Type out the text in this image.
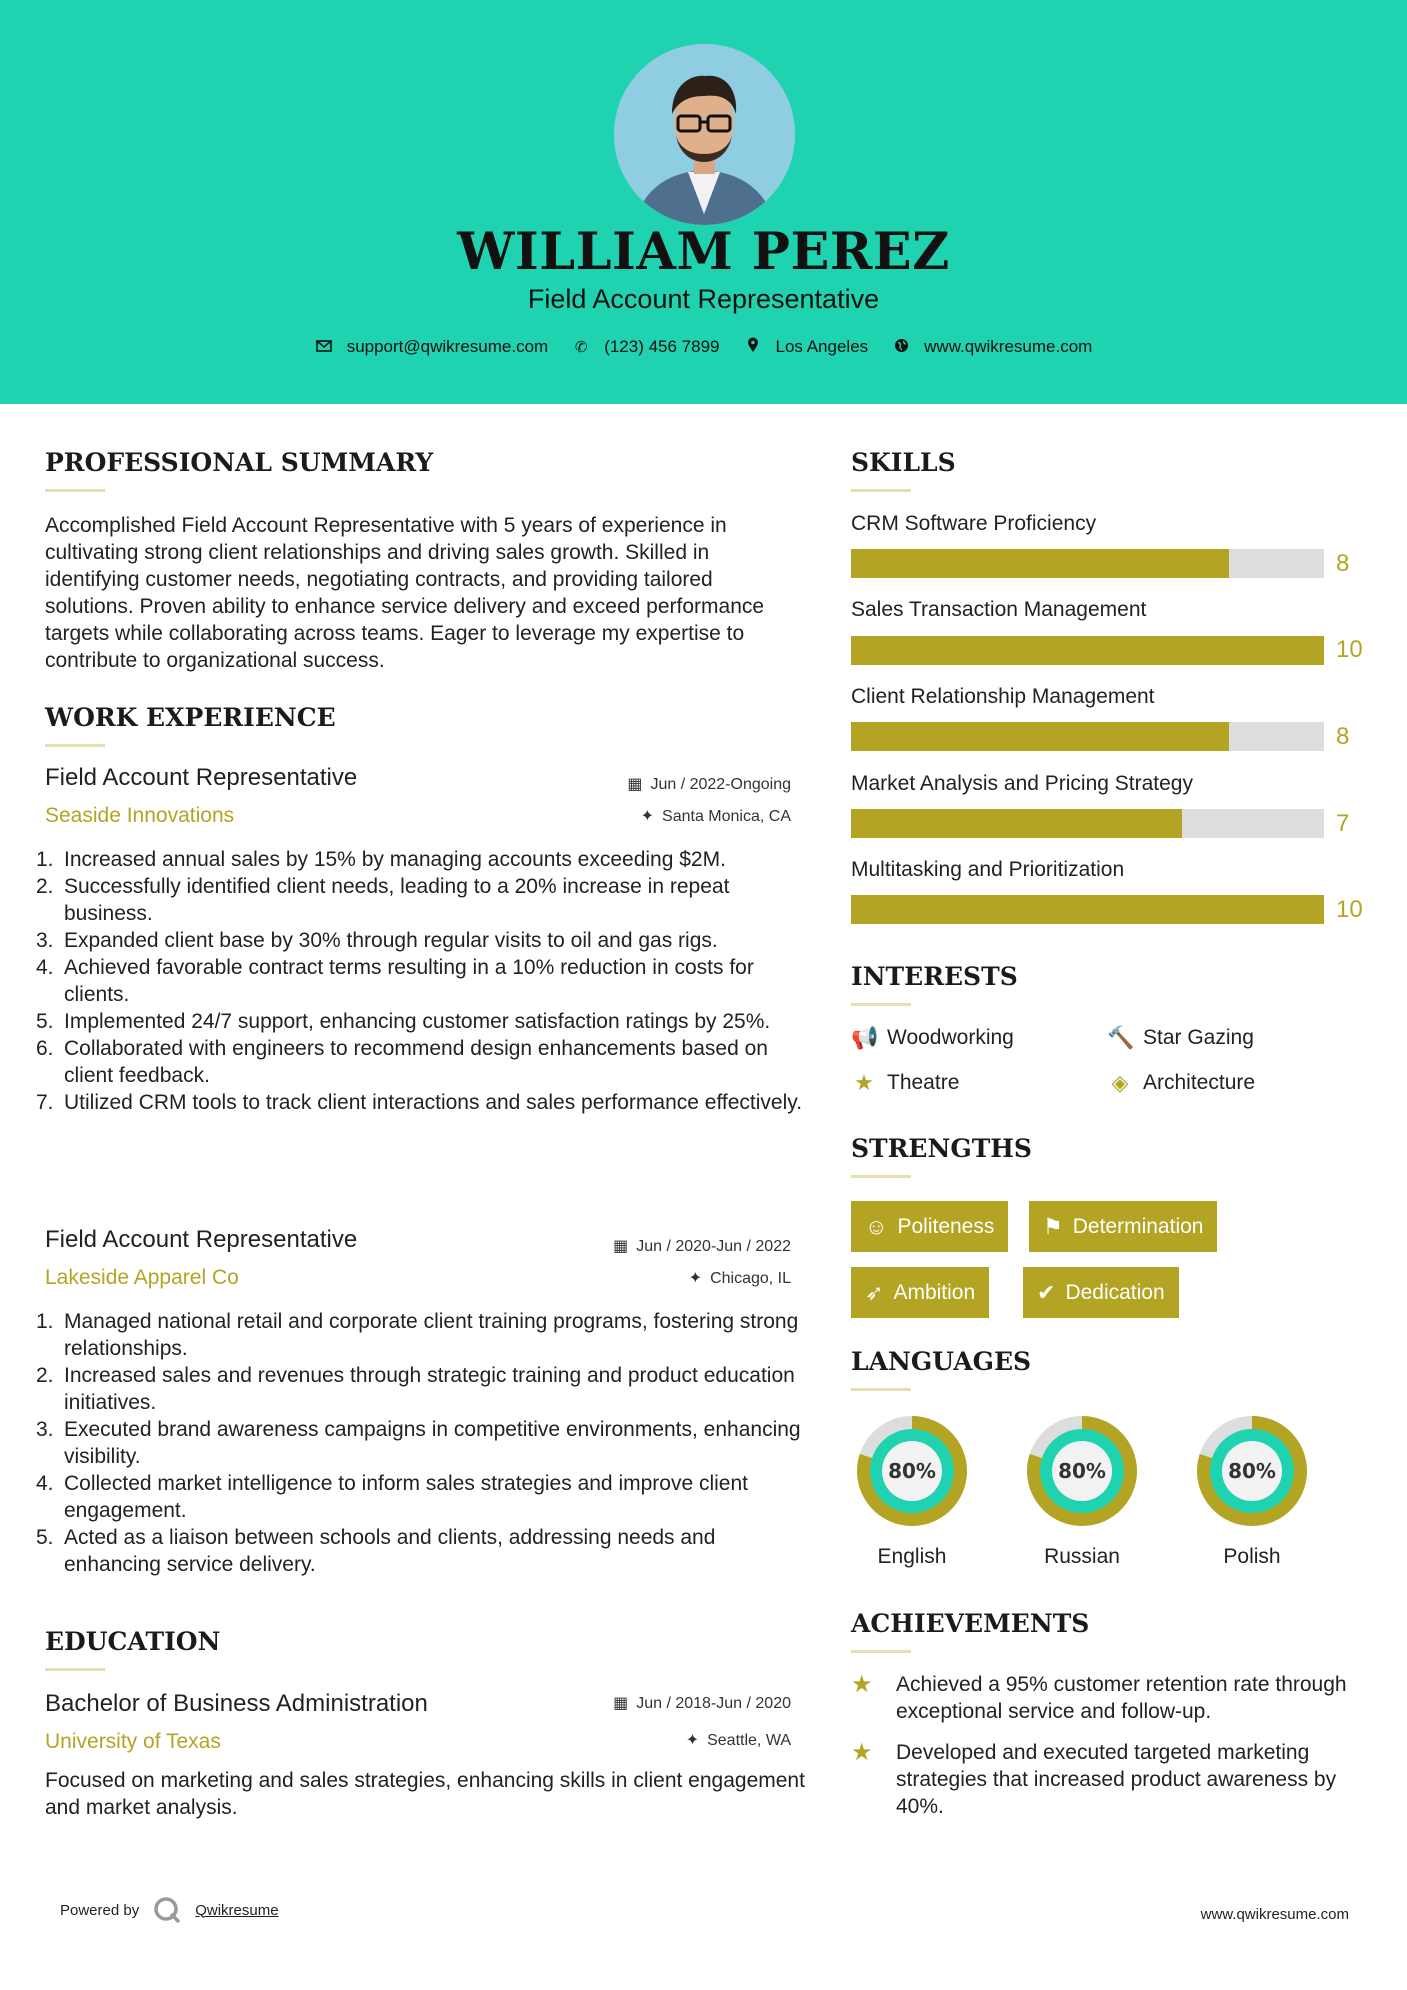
WILLIAM PEREZ
Field Account Representative
support@qwikresume.com ✆ (123) 456 7899	Los Angeles	www.qwikresume.com
PROFESSIONAL SUMMARY
Accomplished Field Account Representative with 5 years of experience in cultivating strong client relationships and driving sales growth. Skilled in identifying customer needs, negotiating contracts, and providing tailored solutions. Proven ability to enhance service delivery and exceed performance targets while collaborating across teams. Eager to leverage my expertise to contribute to organizational success.
WORK EXPERIENCE
Field Account Representative	▦ Jun / 2022-Ongoing
Seaside Innovations	✦ Santa Monica, CA
1. Increased annual sales by 15% by managing accounts exceeding $2M.
2. Successfully identified client needs, leading to a 20% increase in repeat business.
3. Expanded client base by 30% through regular visits to oil and gas rigs.
4. Achieved favorable contract terms resulting in a 10% reduction in costs for clients.
5. Implemented 24/7 support, enhancing customer satisfaction ratings by 25%.
6. Collaborated with engineers to recommend design enhancements based on client feedback.
7. Utilized CRM tools to track client interactions and sales performance effectively.
Field Account Representative	▦ Jun / 2020-Jun / 2022
Lakeside Apparel Co	✦ Chicago, IL
1. Managed national retail and corporate client training programs, fostering strong relationships.
2. Increased sales and revenues through strategic training and product education initiatives.
3. Executed brand awareness campaigns in competitive environments, enhancing visibility.
4. Collected market intelligence to inform sales strategies and improve client engagement.
5. Acted as a liaison between schools and clients, addressing needs and enhancing service delivery.
EDUCATION
Bachelor of Business Administration	▦ Jun / 2018-Jun / 2020
University of Texas	✦ Seattle, WA
Focused on marketing and sales strategies, enhancing skills in client engagement and market analysis.
SKILLS
CRM Software Proficiency
8
Sales Transaction Management
10
Client Relationship Management
8
Market Analysis and Pricing Strategy
7
Multitasking and Prioritization
10
INTERESTS
📢 Woodworking	🔨 Star Gazing
★ Theatre	◈ Architecture
STRENGTHS
☺ Politeness ⚑ Determination
➶ Ambition	✔ Dedication
LANGUAGES
80%
English
80%
Russian
80%
Polish
ACHIEVEMENTS
★	Achieved a 95% customer retention rate through exceptional service and follow-up.
★	Developed and executed targeted marketing strategies that increased product awareness by 40%.
Powered by	Qwikresume	www.qwikresume.com
